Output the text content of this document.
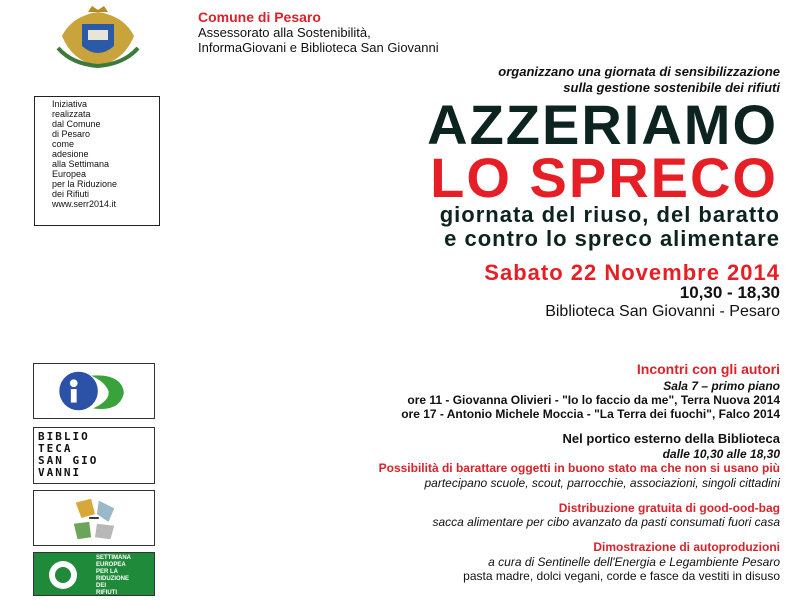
Comune di Pesaro
Assessorato alla Sostenibilità,
InformaGiovani e Biblioteca San Giovanni
organizzano una giornata di sensibilizzazione
sulla gestione sostenibile dei rifiuti
Iniziativa
realizzata
dal Comune
di Pesaro
come
adesione
alla Settimana
Europea
per la Riduzione
dei Rifiuti
www.serr2014.it
AZZERIAMO
LO SPRECO
giornata del riuso, del baratto
e contro lo spreco alimentare
Sabato 22 Novembre 2014
10,30 - 18,30
Biblioteca San Giovanni - Pesaro
BIBLIO
TECA
SAN GIO
VANNI
SETTIMANA
EUROPEA
PER LA
RIDUZIONE
DEI
RIFIUTI
Incontri con gli autori
Sala 7 – primo piano
ore 11 - Giovanna Olivieri - "Io lo faccio da me", Terra Nuova 2014
ore 17 - Antonio Michele Moccia - "La Terra dei fuochi", Falco 2014
Nel portico esterno della Biblioteca
dalle 10,30 alle 18,30
Possibilità di barattare oggetti in buono stato ma che non si usano più
partecipano scuole, scout, parrocchie, associazioni, singoli cittadini
Distribuzione gratuita di good-ood-bag
sacca alimentare per cibo avanzato da pasti consumati fuori casa
Dimostrazione di autoproduzioni
a cura di Sentinelle dell'Energia e Legambiente Pesaro
pasta madre, dolci vegani, corde e fasce da vestiti in disuso
